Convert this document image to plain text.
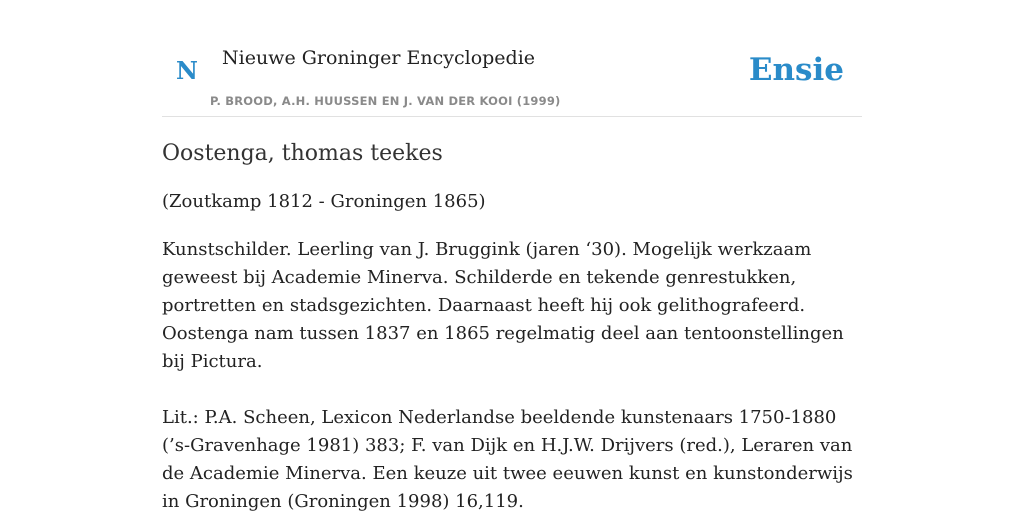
N Nieuwe Groninger Encyclopedie
P. BROOD, A.H. HUUSSEN EN J. VAN DER KOOI (1999)
Ensie
Oostenga, thomas teekes

(Zoutkamp 1812 - Groningen 1865)

Kunstschilder. Leerling van J. Bruggink (jaren ‘30). Mogelijk werkzaam geweest bij Academie Minerva. Schilderde en tekende genrestukken, portretten en stadsgezichten. Daarnaast heeft hij ook gelithografeerd. Oostenga nam tussen 1837 en 1865 regelmatig deel aan tentoonstellingen bij Pictura.

Lit.: P.A. Scheen, Lexicon Nederlandse beeldende kunstenaars 1750-1880 (’s-Gravenhage 1981) 383; F. van Dijk en H.J.W. Drijvers (red.), Leraren van de Academie Minerva. Een keuze uit twee eeuwen kunst en kunstonderwijs in Groningen (Groningen 1998) 16,119.
